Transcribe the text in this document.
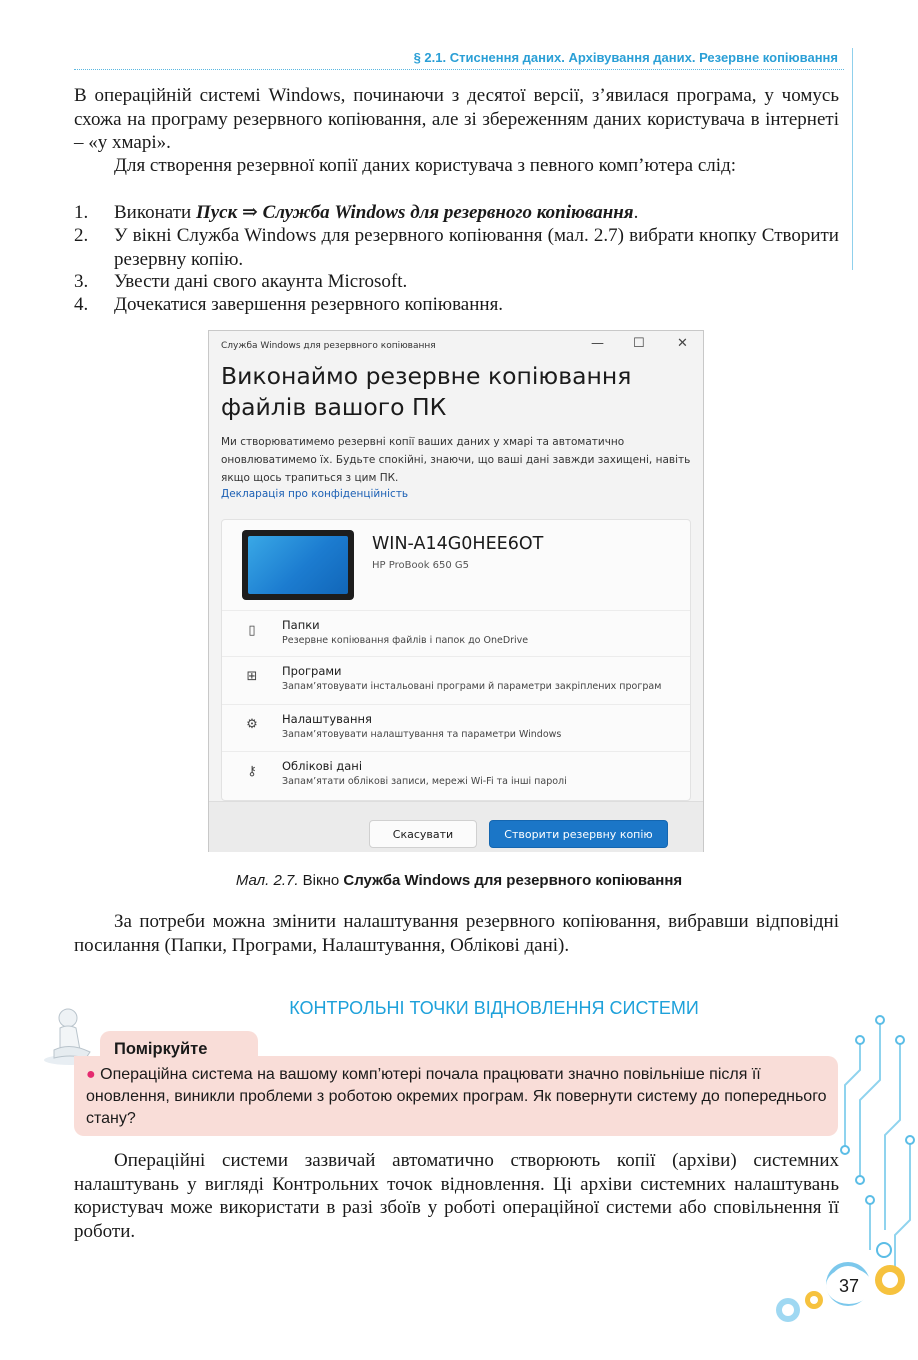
§ 2.1. Стиснення даних. Архівування даних. Резервне копіювання

В операційній системі Windows, починаючи з десятої версії, з’явилася програма, у чомусь схожа на програму резервного копіювання, але зі збереженням даних користувача в інтернеті – «у хмарі».

Для створення резервної копії даних користувача з певного комп’ютера слід:

1.	Виконати Пуск ⇒ Служба Windows для резервного копіювання.
2.	У вікні Служба Windows для резервного копіювання (мал. 2.7) вибрати кнопку Створити резервну копію.
3.	Увести дані свого акаунта Microsoft.
4.	Дочекатися завершення резервного копіювання.
Служба Windows для резервного копіювання	— ☐ ✕
Виконаймо резервне копіювання файлів вашого ПК
Ми створюватимемо резервні копії ваших даних у хмарі та автоматично оновлюватимемо їх. Будьте спокійні, знаючи, що ваші дані завжди захищені, навіть якщо щось трапиться з цим ПК.
Декларація про конфіденційність
WIN-A14G0HEE6OT
HP ProBook 650 G5
▯	Папки
Резервне копіювання файлів і папок до OneDrive
⊞ Програми
Запам’ятовувати інстальовані програми й параметри закріплених програм
⚙ Налаштування
Запам’ятовувати налаштування та параметри Windows
⚷ Облікові дані
Запам’ятати облікові записи, мережі Wi-Fi та інші паролі
Скасувати	Створити резервну копію
Мал. 2.7. Вікно Служба Windows для резервного копіювання

За потреби можна змінити налаштування резервного копіювання, вибравши відповідні посилання (Папки, Програми, Налаштування, Облікові дані).

КОНТРОЛЬНІ ТОЧКИ ВІДНОВЛЕННЯ СИСТЕМИ
Поміркуйте
● Операційна система на вашому комп’ютері почала працювати значно повільніше після її оновлення, виникли проблеми з роботою окремих програм. Як повернути систему до попереднього стану?

Операційні системи зазвичай автоматично створюють копії (архіви) системних налаштувань у вигляді Контрольних точок відновлення. Ці архіви системних налаштувань користувач може використати в разі збоїв у роботі операційної системи або сповільнення її роботи.

37
